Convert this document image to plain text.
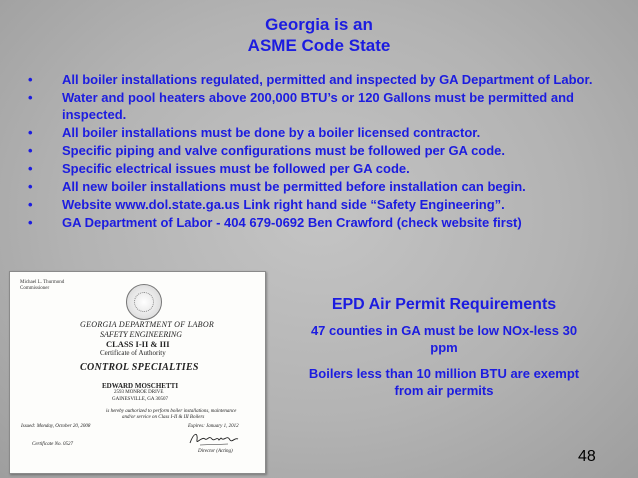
Georgia is an
ASME Code State
• All boiler installations regulated, permitted and inspected by GA Department of Labor.
• Water and pool heaters above 200,000 BTU’s or 120 Gallons must be permitted and inspected.
• All boiler installations must be done by a boiler licensed contractor.
• Specific piping and valve configurations must be followed per GA code.
• Specific electrical issues must be followed per GA code.
• All new boiler installations must be permitted before installation can begin.
• Website www.dol.state.ga.us Link right hand side “Safety Engineering”.
• GA Department of Labor - 404 679-0692 Ben Crawford (check website first)
Michael L. Thurmond
Commissioner
GEORGIA DEPARTMENT OF LABOR
SAFETY ENGINEERING
CLASS I-II & III
Certificate of Authority
CONTROL SPECIALTIES
EDWARD MOSCHETTI
2593 MONROE DRIVE
GAINESVILLE, GA 30507
is hereby authorized to perform boiler installations, maintenance
and/or service on Class I-II & III Boilers
Issued: Monday, October 20, 2008	Expires: January 1, 2012
Certificate No. 0527
Director (Acting)
EPD Air Permit Requirements
47 counties in GA must be low NOx-less 30
ppm
Boilers less than 10 million BTU are exempt
from air permits
48
